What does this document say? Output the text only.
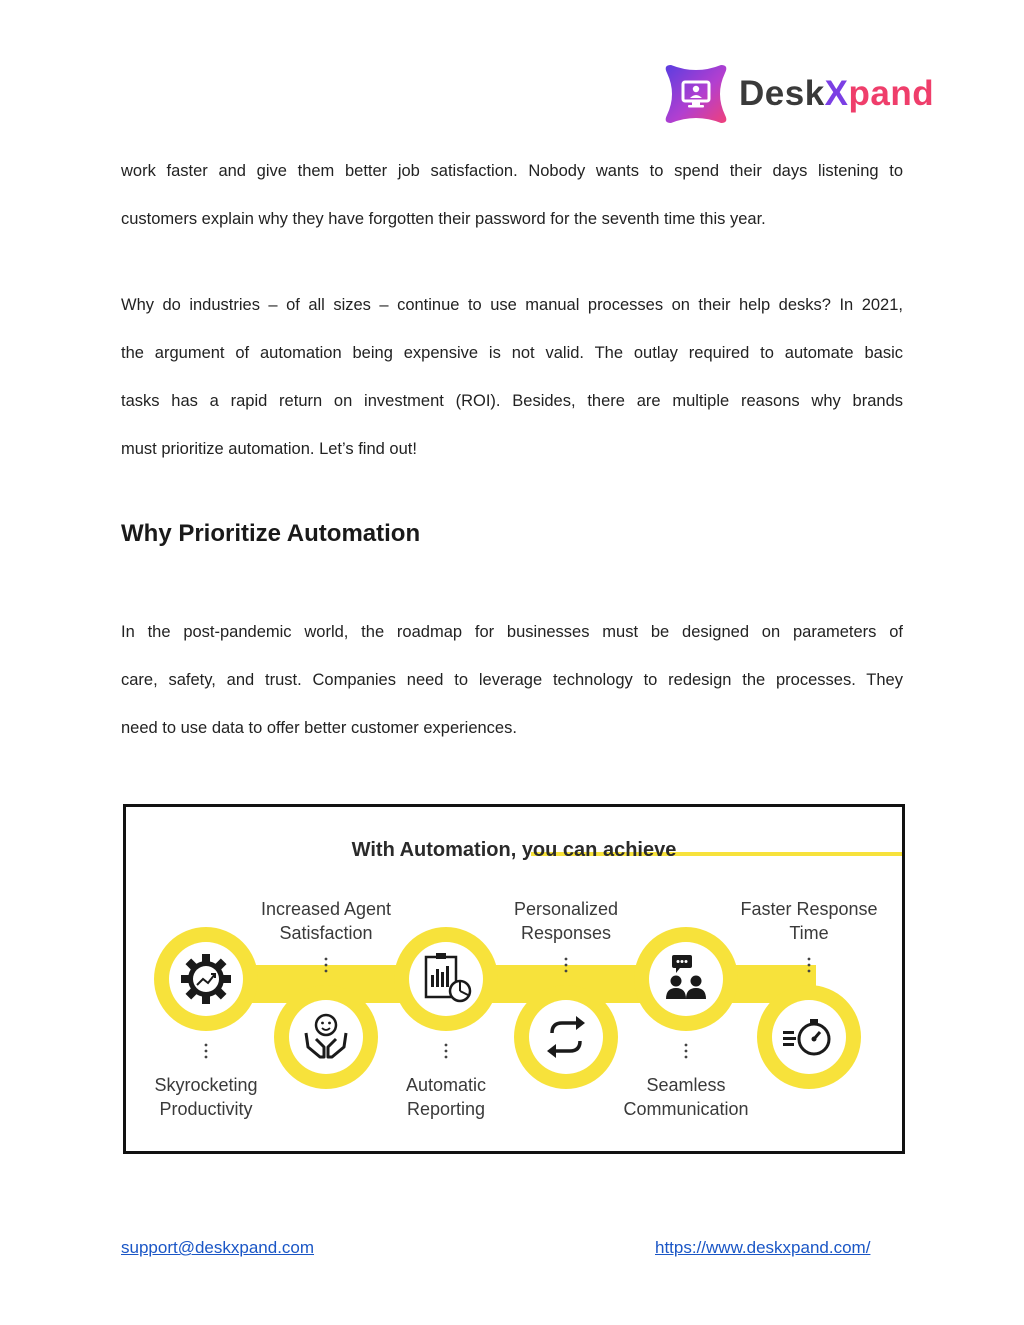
DeskXpand
work faster and give them better job satisfaction. Nobody wants to spend their days listening to
customers explain why they have forgotten their password for the seventh time this year.
Why do industries – of all sizes – continue to use manual processes on their help desks? In 2021,
the argument of automation being expensive is not valid. The outlay required to automate basic
tasks has a rapid return on investment (ROI). Besides, there are multiple reasons why brands
must prioritize automation. Let’s find out!
Why Prioritize Automation
In the post-pandemic world, the roadmap for businesses must be designed on parameters of
care, safety, and trust. Companies need to leverage technology to redesign the processes. They
need to use data to offer better customer experiences.
With Automation, you can achieve
Skyrocketing
Productivity
Increased Agent
Satisfaction
Automatic
Reporting
Personalized
Responses
Seamless
Communication
Faster Response
Time
support@deskxpand.com	https://www.deskxpand.com/
